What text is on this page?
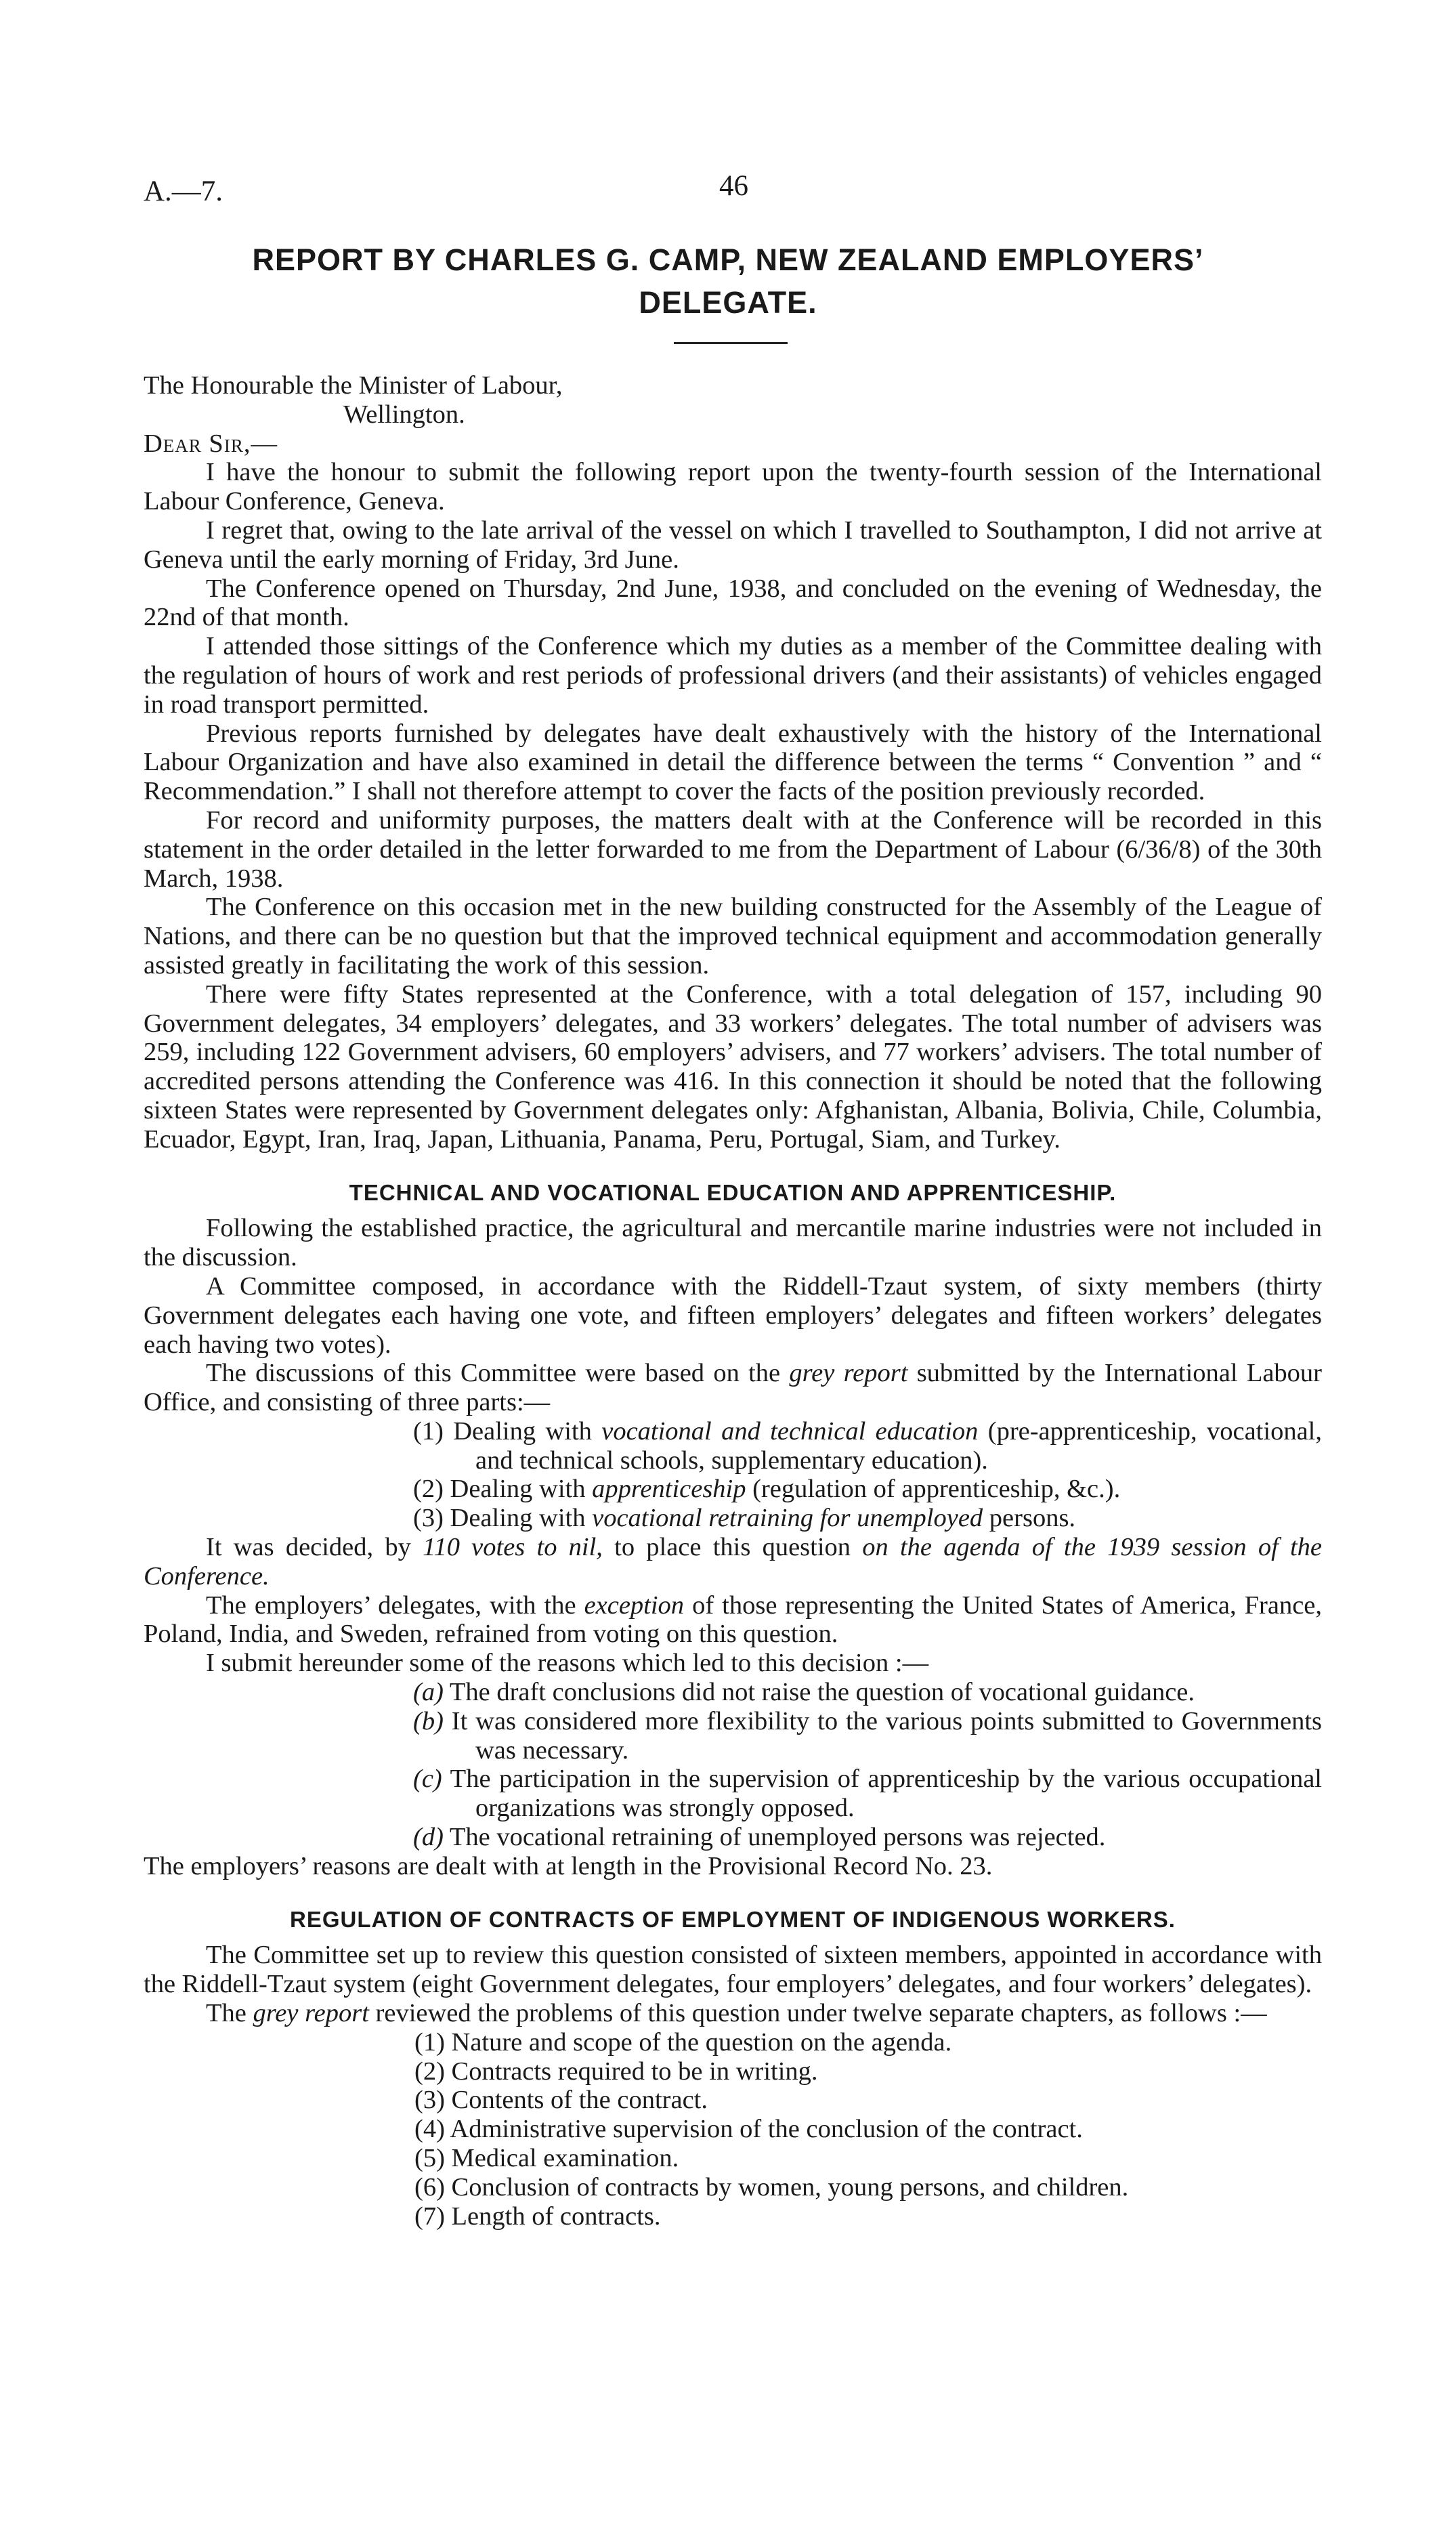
A.—7.	46
REPORT BY CHARLES G. CAMP, NEW ZEALAND EMPLOYERS’
DELEGATE.

The Honourable the Minister of Labour,

Wellington.

Dear Sir,—

I have the honour to submit the following report upon the twenty-fourth session of the International Labour Conference, Geneva.

I regret that, owing to the late arrival of the vessel on which I travelled to Southampton, I did not arrive at Geneva until the early morning of Friday, 3rd June.

The Conference opened on Thursday, 2nd June, 1938, and concluded on the evening of Wednesday, the 22nd of that month.

I attended those sittings of the Conference which my duties as a member of the Committee dealing with the regulation of hours of work and rest periods of professional drivers (and their assistants) of vehicles engaged in road transport permitted.

Previous reports furnished by delegates have dealt exhaustively with the history of the International Labour Organization and have also examined in detail the difference between the terms “ Convention ” and “ Recommendation.” I shall not therefore attempt to cover the facts of the position previously recorded.

For record and uniformity purposes, the matters dealt with at the Conference will be recorded in this statement in the order detailed in the letter forwarded to me from the Department of Labour (6/36/8) of the 30th March, 1938.

The Conference on this occasion met in the new building constructed for the Assembly of the League of Nations, and there can be no question but that the improved technical equipment and accommodation generally assisted greatly in facilitating the work of this session.

There were fifty States represented at the Conference, with a total delegation of 157, including 90 Government delegates, 34 employers’ delegates, and 33 workers’ delegates. The total number of advisers was 259, including 122 Government advisers, 60 employers’ advisers, and 77 workers’ advisers. The total number of accredited persons attending the Conference was 416. In this connection it should be noted that the following sixteen States were represented by Government delegates only: Afghanistan, Albania, Bolivia, Chile, Columbia, Ecuador, Egypt, Iran, Iraq, Japan, Lithuania, Panama, Peru, Portugal, Siam, and Turkey.

TECHNICAL AND VOCATIONAL EDUCATION AND APPRENTICESHIP.

Following the established practice, the agricultural and mercantile marine industries were not included in the discussion.

A Committee composed, in accordance with the Riddell-Tzaut system, of sixty members (thirty Government delegates each having one vote, and fifteen employers’ delegates and fifteen workers’ delegates each having two votes).

The discussions of this Committee were based on the grey report submitted by the International Labour Office, and consisting of three parts:—

(1) Dealing with vocational and technical education (pre-apprenticeship, vocational, and technical schools, supplementary education).

(2) Dealing with apprenticeship (regulation of apprenticeship, &c.).

(3) Dealing with vocational retraining for unemployed persons.

It was decided, by 110 votes to nil, to place this question on the agenda of the 1939 session of the Conference.

The employers’ delegates, with the exception of those representing the United States of America, France, Poland, India, and Sweden, refrained from voting on this question.

I submit hereunder some of the reasons which led to this decision :—

(a) The draft conclusions did not raise the question of vocational guidance.

(b) It was considered more flexibility to the various points submitted to Governments was necessary.

(c) The participation in the supervision of apprenticeship by the various occupational organizations was strongly opposed.

(d) The vocational retraining of unemployed persons was rejected.

The employers’ reasons are dealt with at length in the Provisional Record No. 23.

REGULATION OF CONTRACTS OF EMPLOYMENT OF INDIGENOUS WORKERS.

The Committee set up to review this question consisted of sixteen members, appointed in accordance with the Riddell-Tzaut system (eight Government delegates, four employers’ delegates, and four workers’ delegates).

The grey report reviewed the problems of this question under twelve separate chapters, as follows :—

(1) Nature and scope of the question on the agenda.

(2) Contracts required to be in writing.

(3) Contents of the contract.

(4) Administrative supervision of the conclusion of the contract.

(5) Medical examination.

(6) Conclusion of contracts by women, young persons, and children.

(7) Length of contracts.
